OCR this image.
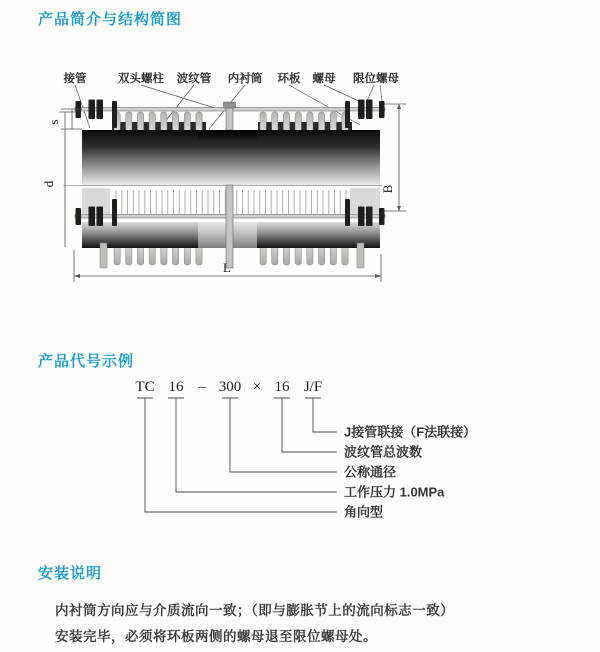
产品简介与结构简图
接管	双头螺柱 波纹管 内衬筒 环板 螺母 限位螺母
s
d
B
L
产品代号示例
TC 16 – 300 × 16 J/F
J接管联接（F法联接）
波纹管总波数
公称通径
工作压力 1.0MPa
角向型
安装说明
内衬筒方向应与介质流向一致；（即与膨胀节上的流向标志一致）
安装完毕，必须将环板两侧的螺母退至限位螺母处。
